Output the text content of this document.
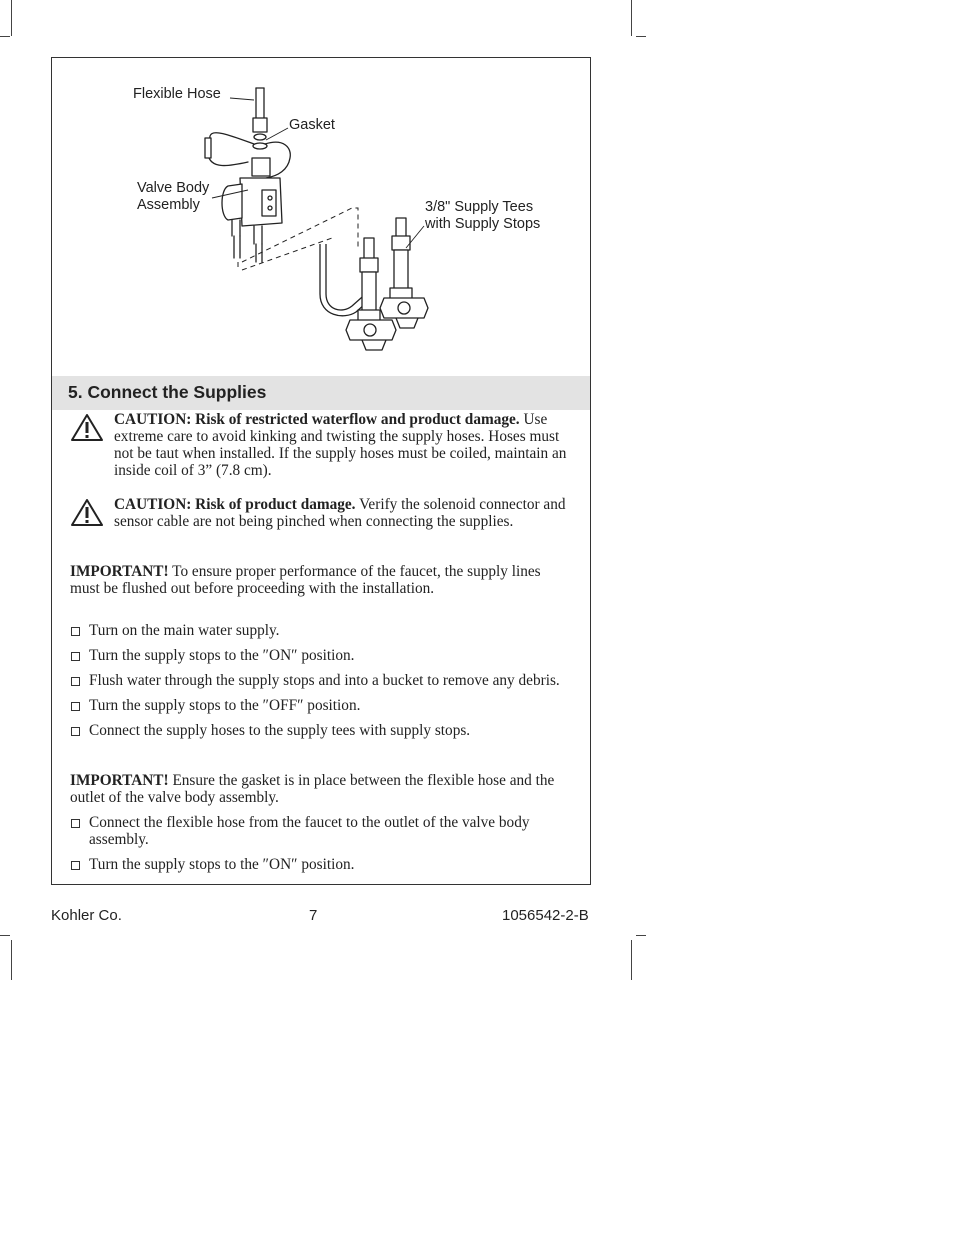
Flexible Hose
Gasket
Valve Body
Assembly	3/8" Supply Tees
with Supply Stops
5. Connect the Supplies
CAUTION: Risk of restricted waterflow and product damage. Use extreme care to avoid kinking and twisting the supply hoses. Hoses must not be taut when installed. If the supply hoses must be coiled, maintain an inside coil of 3” (7.8 cm).
CAUTION: Risk of product damage. Verify the solenoid connector and sensor cable are not being pinched when connecting the supplies.
IMPORTANT! To ensure proper performance of the faucet, the supply lines must be flushed out before proceeding with the installation.
Turn on the main water supply.
Turn the supply stops to the ″ON″ position.
Flush water through the supply stops and into a bucket to remove any debris.
Turn the supply stops to the ″OFF″ position.
Connect the supply hoses to the supply tees with supply stops.
IMPORTANT! Ensure the gasket is in place between the flexible hose and the outlet of the valve body assembly.
Connect the flexible hose from the faucet to the outlet of the valve body assembly.
Turn the supply stops to the ″ON″ position.
Kohler Co.	7	1056542-2-B
